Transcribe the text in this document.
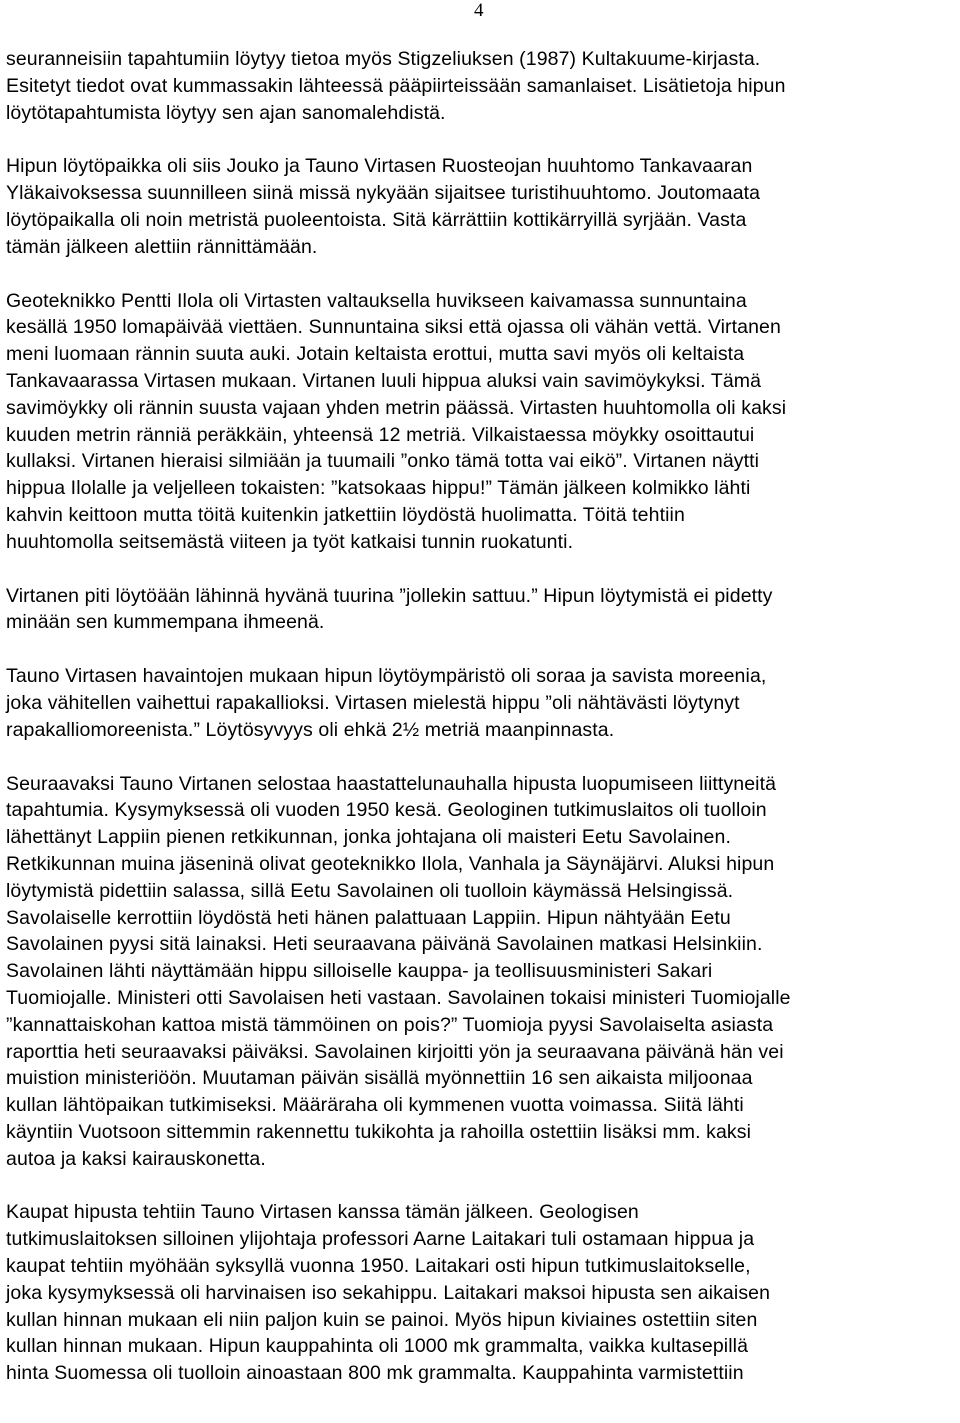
4

seuranneisiin tapahtumiin löytyy tietoa myös Stigzeliuksen (1987) Kultakuume-kirjasta.
Esitetyt tiedot ovat kummassakin lähteessä pääpiirteissään samanlaiset. Lisätietoja hipun
löytötapahtumista löytyy sen ajan sanomalehdistä.

Hipun löytöpaikka oli siis Jouko ja Tauno Virtasen Ruosteojan huuhtomo Tankavaaran
Yläkaivoksessa suunnilleen siinä missä nykyään sijaitsee turistihuuhtomo. Joutomaata
löytöpaikalla oli noin metristä puoleentoista. Sitä kärrättiin kottikärryillä syrjään. Vasta
tämän jälkeen alettiin rännittämään.

Geoteknikko Pentti Ilola oli Virtasten valtauksella huvikseen kaivamassa sunnuntaina
kesällä 1950 lomapäivää viettäen. Sunnuntaina siksi että ojassa oli vähän vettä. Virtanen
meni luomaan rännin suuta auki. Jotain keltaista erottui, mutta savi myös oli keltaista
Tankavaarassa Virtasen mukaan. Virtanen luuli hippua aluksi vain savimöykyksi. Tämä
savimöykky oli rännin suusta vajaan yhden metrin päässä. Virtasten huuhtomolla oli kaksi
kuuden metrin ränniä peräkkäin, yhteensä 12 metriä. Vilkaistaessa möykky osoittautui
kullaksi. Virtanen hieraisi silmiään ja tuumaili ”onko tämä totta vai eikö”. Virtanen näytti
hippua Ilolalle ja veljelleen tokaisten: ”katsokaas hippu!” Tämän jälkeen kolmikko lähti
kahvin keittoon mutta töitä kuitenkin jatkettiin löydöstä huolimatta. Töitä tehtiin
huuhtomolla seitsemästä viiteen ja työt katkaisi tunnin ruokatunti.

Virtanen piti löytöään lähinnä hyvänä tuurina ”jollekin sattuu.” Hipun löytymistä ei pidetty
minään sen kummempana ihmeenä.

Tauno Virtasen havaintojen mukaan hipun löytöympäristö oli soraa ja savista moreenia,
joka vähitellen vaihettui rapakallioksi. Virtasen mielestä hippu ”oli nähtävästi löytynyt
rapakalliomoreenista.” Löytösyvyys oli ehkä 2½ metriä maanpinnasta.

Seuraavaksi Tauno Virtanen selostaa haastattelunauhalla hipusta luopumiseen liittyneitä
tapahtumia. Kysymyksessä oli vuoden 1950 kesä. Geologinen tutkimuslaitos oli tuolloin
lähettänyt Lappiin pienen retkikunnan, jonka johtajana oli maisteri Eetu Savolainen.
Retkikunnan muina jäseninä olivat geoteknikko Ilola, Vanhala ja Säynäjärvi. Aluksi hipun
löytymistä pidettiin salassa, sillä Eetu Savolainen oli tuolloin käymässä Helsingissä.
Savolaiselle kerrottiin löydöstä heti hänen palattuaan Lappiin. Hipun nähtyään Eetu
Savolainen pyysi sitä lainaksi. Heti seuraavana päivänä Savolainen matkasi Helsinkiin.
Savolainen lähti näyttämään hippu silloiselle kauppa- ja teollisuusministeri Sakari
Tuomiojalle. Ministeri otti Savolaisen heti vastaan. Savolainen tokaisi ministeri Tuomiojalle
”kannattaiskohan kattoa mistä tämmöinen on pois?” Tuomioja pyysi Savolaiselta asiasta
raporttia heti seuraavaksi päiväksi. Savolainen kirjoitti yön ja seuraavana päivänä hän vei
muistion ministeriöön. Muutaman päivän sisällä myönnettiin 16 sen aikaista miljoonaa
kullan lähtöpaikan tutkimiseksi. Määräraha oli kymmenen vuotta voimassa. Siitä lähti
käyntiin Vuotsoon sittemmin rakennettu tukikohta ja rahoilla ostettiin lisäksi mm. kaksi
autoa ja kaksi kairauskonetta.

Kaupat hipusta tehtiin Tauno Virtasen kanssa tämän jälkeen. Geologisen
tutkimuslaitoksen silloinen ylijohtaja professori Aarne Laitakari tuli ostamaan hippua ja
kaupat tehtiin myöhään syksyllä vuonna 1950. Laitakari osti hipun tutkimuslaitokselle,
joka kysymyksessä oli harvinaisen iso sekahippu. Laitakari maksoi hipusta sen aikaisen
kullan hinnan mukaan eli niin paljon kuin se painoi. Myös hipun kiviaines ostettiin siten
kullan hinnan mukaan. Hipun kauppahinta oli 1000 mk grammalta, vaikka kultasepillä
hinta Suomessa oli tuolloin ainoastaan 800 mk grammalta. Kauppahinta varmistettiin
